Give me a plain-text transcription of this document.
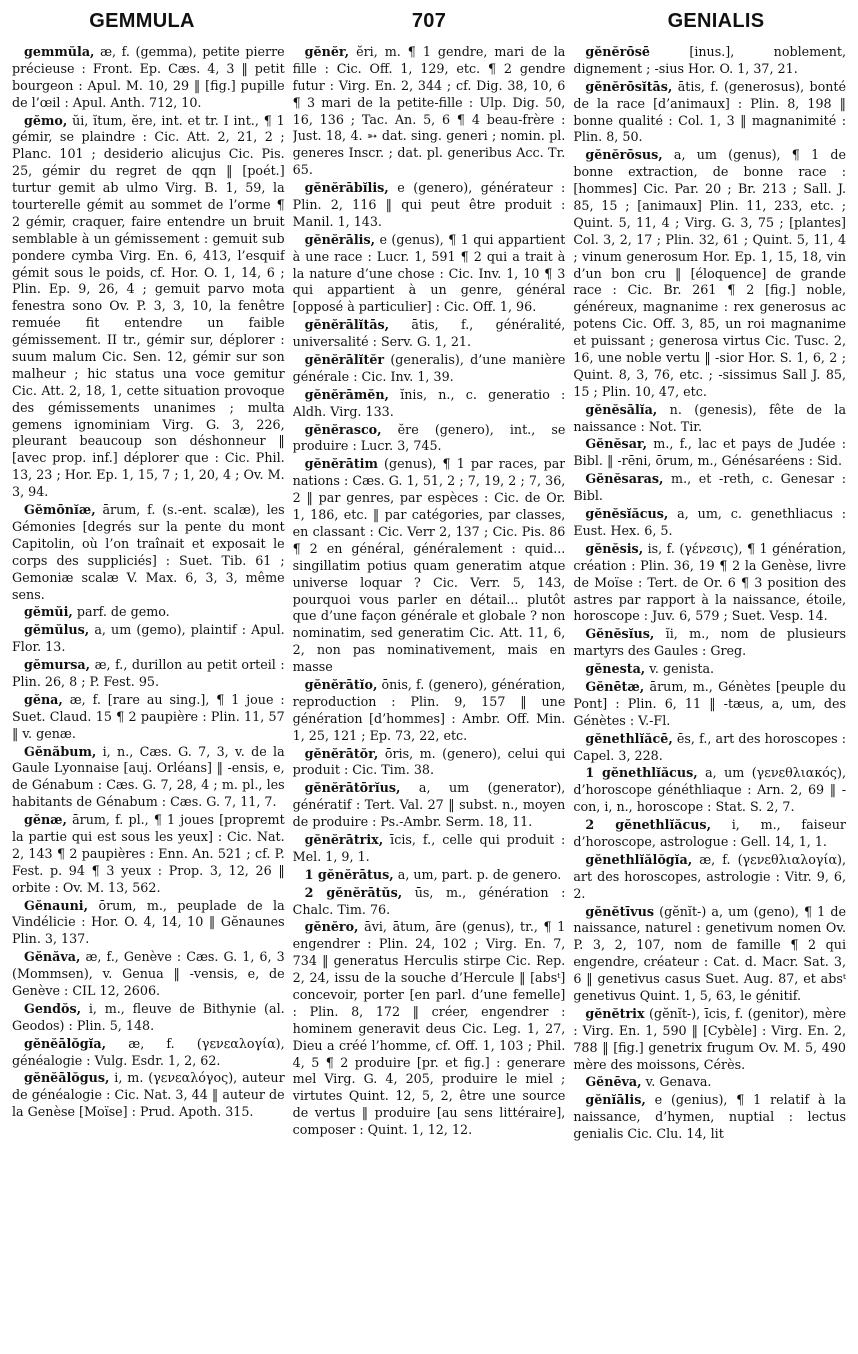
GEMMULA	707	GENIALIS

gemmŭla, æ, f. (gemma), petite pierre précieuse : Front. Ep. Cæs. 4, 3 ‖ petit bourgeon : Apul. M. 10, 29 ‖ [fig.] pupille de l’œil : Apul. Anth. 712, 10.

gĕmo, ŭi, ĭtum, ĕre, int. et tr. I int., ¶ 1 gémir, se plaindre : Cic. Att. 2, 21, 2 ; Planc. 101 ; desiderio alicujus Cic. Pis. 25, gémir du regret de qqn ‖ [poét.] turtur gemit ab ulmo Virg. B. 1, 59, la tourterelle gémit au sommet de l’orme ¶ 2 gémir, craquer, faire entendre un bruit semblable à un gémissement : gemuit sub pondere cymba Virg. En. 6, 413, l’esquif gémit sous le poids, cf. Hor. O. 1, 14, 6 ; Plin. Ep. 9, 26, 4 ; gemuit parvo mota fenestra sono Ov. P. 3, 3, 10, la fenêtre remuée fit entendre un faible gémissement. II tr., gémir sur, déplorer : suum malum Cic. Sen. 12, gémir sur son malheur ; hic status una voce gemitur Cic. Att. 2, 18, 1, cette situation provoque des gémissements unanimes ; multa gemens ignominiam Virg. G. 3, 226, pleurant beaucoup son déshonneur ‖ [avec prop. inf.] déplorer que : Cic. Phil. 13, 23 ; Hor. Ep. 1, 15, 7 ; 1, 20, 4 ; Ov. M. 3, 94.

Gĕmōnĭæ, ārum, f. (s.-ent. scalæ), les Gémonies [degrés sur la pente du mont Capitolin, où l’on traînait et exposait le corps des suppliciés] : Suet. Tib. 61 ; Gemoniæ scalæ V. Max. 6, 3, 3, même sens.

gĕmŭi, parf. de gemo.

gĕmŭlus, a, um (gemo), plaintif : Apul. Flor. 13.

gĕmursa, æ, f., durillon au petit orteil : Plin. 26, 8 ; P. Fest. 95.

gĕna, æ, f. [rare au sing.], ¶ 1 joue : Suet. Claud. 15 ¶ 2 paupière : Plin. 11, 57 ‖ v. genæ.

Gĕnăbum, i, n., Cæs. G. 7, 3, v. de la Gaule Lyonnaise [auj. Orléans] ‖ -ensis, e, de Génabum : Cæs. G. 7, 28, 4 ; m. pl., les habitants de Génabum : Cæs. G. 7, 11, 7.

gĕnæ, ārum, f. pl., ¶ 1 joues [propremt la partie qui est sous les yeux] : Cic. Nat. 2, 143 ¶ 2 paupières : Enn. An. 521 ; cf. P. Fest. p. 94 ¶ 3 yeux : Prop. 3, 12, 26 ‖ orbite : Ov. M. 13, 562.

Gĕnauni, ōrum, m., peuplade de la Vindélicie : Hor. O. 4, 14, 10 ‖ Gĕnaunes Plin. 3, 137.

Gĕnăva, æ, f., Genève : Cæs. G. 1, 6, 3 (Mommsen), v. Genua ‖ -vensis, e, de Genève : CIL 12, 2606.

Gendŏs, i, m., fleuve de Bithynie (al. Geodos) : Plin. 5, 148.

gĕnĕālŏgĭa, æ, f. (γενεαλογία), généalogie : Vulg. Esdr. 1, 2, 62.

gĕnĕālŏgus, i, m. (γενεαλόγος), auteur de généalogie : Cic. Nat. 3, 44 ‖ auteur de la Genèse [Moïse] : Prud. Apoth. 315.

gĕnĕr, ĕri, m. ¶ 1 gendre, mari de la fille : Cic. Off. 1, 129, etc. ¶ 2 gendre futur : Virg. En. 2, 344 ; cf. Dig. 38, 10, 6 ¶ 3 mari de la petite-fille : Ulp. Dig. 50, 16, 136 ; Tac. An. 5, 6 ¶ 4 beau-frère : Just. 18, 4. ➳ dat. sing. generi ; nomin. pl. generes Inscr. ; dat. pl. generibus Acc. Tr. 65.

gĕnĕrābĭlis, e (genero), générateur : Plin. 2, 116 ‖ qui peut être produit : Manil. 1, 143.

gĕnĕrālis, e (genus), ¶ 1 qui appartient à une race : Lucr. 1, 591 ¶ 2 qui a trait à la nature d’une chose : Cic. Inv. 1, 10 ¶ 3 qui appartient à un genre, général [opposé à particulier] : Cic. Off. 1, 96.

gĕnĕrālĭtās, ātis, f., généralité, universalité : Serv. G. 1, 21.

gĕnĕrālĭtĕr (generalis), d’une manière générale : Cic. Inv. 1, 39.

gĕnĕrāmĕn, ĭnis, n., c. generatio : Aldh. Virg. 133.

gĕnĕrasco, ĕre (genero), int., se produire : Lucr. 3, 745.

gĕnĕrātim (genus), ¶ 1 par races, par nations : Cæs. G. 1, 51, 2 ; 7, 19, 2 ; 7, 36, 2 ‖ par genres, par espèces : Cic. de Or. 1, 186, etc. ‖ par catégories, par classes, en classant : Cic. Verr 2, 137 ; Cic. Pis. 86 ¶ 2 en général, généralement : quid... singillatim potius quam generatim atque universe loquar ? Cic. Verr. 5, 143, pourquoi vous parler en détail... plutôt que d’une façon générale et globale ? non nominatim, sed generatim Cic. Att. 11, 6, 2, non pas nominativement, mais en masse

gĕnĕrātĭo, ōnis, f. (genero), génération, reproduction : Plin. 9, 157 ‖ une génération [d’hommes] : Ambr. Off. Min. 1, 25, 121 ; Ep. 73, 22, etc.

gĕnĕrātŏr, ōris, m. (genero), celui qui produit : Cic. Tim. 38.

gĕnĕrātōrĭus, a, um (generator), génératif : Tert. Val. 27 ‖ subst. n., moyen de produire : Ps.-Ambr. Serm. 18, 11.

gĕnĕrātrix, īcis, f., celle qui produit : Mel. 1, 9, 1.

1 gĕnĕrātus, a, um, part. p. de genero.

2 gĕnĕrātŭs, ūs, m., génération : Chalc. Tim. 76.

gĕnĕro, āvi, ātum, āre (genus), tr., ¶ 1 engendrer : Plin. 24, 102 ; Virg. En. 7, 734 ‖ generatus Herculis stirpe Cic. Rep. 2, 24, issu de la souche d’Hercule ‖ [absᵗ] concevoir, porter [en parl. d’une femelle] : Plin. 8, 172 ‖ créer, engendrer : hominem generavit deus Cic. Leg. 1, 27, Dieu a créé l’homme, cf. Off. 1, 103 ; Phil. 4, 5 ¶ 2 produire [pr. et fig.] : generare mel Virg. G. 4, 205, produire le miel ; virtutes Quint. 12, 5, 2, être une source de vertus ‖ produire [au sens littéraire], composer : Quint. 1, 12, 12.

gĕnĕrōsē [inus.], noblement, dignement ; -sius Hor. O. 1, 37, 21.

gĕnĕrōsĭtās, ātis, f. (generosus), bonté de la race [d’animaux] : Plin. 8, 198 ‖ bonne qualité : Col. 1, 3 ‖ magnanimité : Plin. 8, 50.

gĕnĕrōsus, a, um (genus), ¶ 1 de bonne extraction, de bonne race : [hommes] Cic. Par. 20 ; Br. 213 ; Sall. J. 85, 15 ; [animaux] Plin. 11, 233, etc. ; Quint. 5, 11, 4 ; Virg. G. 3, 75 ; [plantes] Col. 3, 2, 17 ; Plin. 32, 61 ; Quint. 5, 11, 4 ; vinum generosum Hor. Ep. 1, 15, 18, vin d’un bon cru ‖ [éloquence] de grande race : Cic. Br. 261 ¶ 2 [fig.] noble, généreux, magnanime : rex generosus ac potens Cic. Off. 3, 85, un roi magnanime et puissant ; generosa virtus Cic. Tusc. 2, 16, une noble vertu ‖ -sior Hor. S. 1, 6, 2 ; Quint. 8, 3, 76, etc. ; -sissimus Sall J. 85, 15 ; Plin. 10, 47, etc.

gĕnĕsālĭa, n. (genesis), fête de la naissance : Not. Tir.

Gĕnĕsar, m., f., lac et pays de Judée : Bibl. ‖ -rēni, ōrum, m., Génésaréens : Sid.

Gĕnĕsaras, m., et -reth, c. Genesar : Bibl.

gĕnĕsĭăcus, a, um, c. genethliacus : Eust. Hex. 6, 5.

gĕnĕsis, is, f. (γένεσις), ¶ 1 génération, création : Plin. 36, 19 ¶ 2 la Genèse, livre de Moïse : Tert. de Or. 6 ¶ 3 position des astres par rapport à la naissance, étoile, horoscope : Juv. 6, 579 ; Suet. Vesp. 14.

Gĕnĕsĭus, ĭi, m., nom de plusieurs martyrs des Gaules : Greg.

gĕnesta, v. genista.

Gĕnētæ, ārum, m., Génètes [peuple du Pont] : Plin. 6, 11 ‖ -tæus, a, um, des Génètes : V.-Fl.

gĕnethlĭăcē, ēs, f., art des horoscopes : Capel. 3, 228.

1 gĕnethlĭăcus, a, um (γενεθλιακός), d’horoscope généthliaque : Arn. 2, 69 ‖ -con, i, n., horoscope : Stat. S. 2, 7.

2 gĕnethlĭăcus, i, m., faiseur d’horoscope, astrologue : Gell. 14, 1, 1.

gĕnethlĭălŏgĭa, æ, f. (γενεθλιαλογία), art des horoscopes, astrologie : Vitr. 9, 6, 2.

gĕnĕtīvus (gĕnĭt-) a, um (geno), ¶ 1 de naissance, naturel : genetivum nomen Ov. P. 3, 2, 107, nom de famille ¶ 2 qui engendre, créateur : Cat. d. Macr. Sat. 3, 6 ‖ genetivus casus Suet. Aug. 87, et absᵗ genetivus Quint. 1, 5, 63, le génitif.

gĕnĕtrix (gĕnĭt-), īcis, f. (genitor), mère : Virg. En. 1, 590 ‖ [Cybèle] : Virg. En. 2, 788 ‖ [fig.] genetrix frugum Ov. M. 5, 490 mère des moissons, Cérès.

Gĕnēva, v. Genava.

gĕnĭālis, e (genius), ¶ 1 relatif à la naissance, d’hymen, nuptial : lectus genialis Cic. Clu. 14, lit
